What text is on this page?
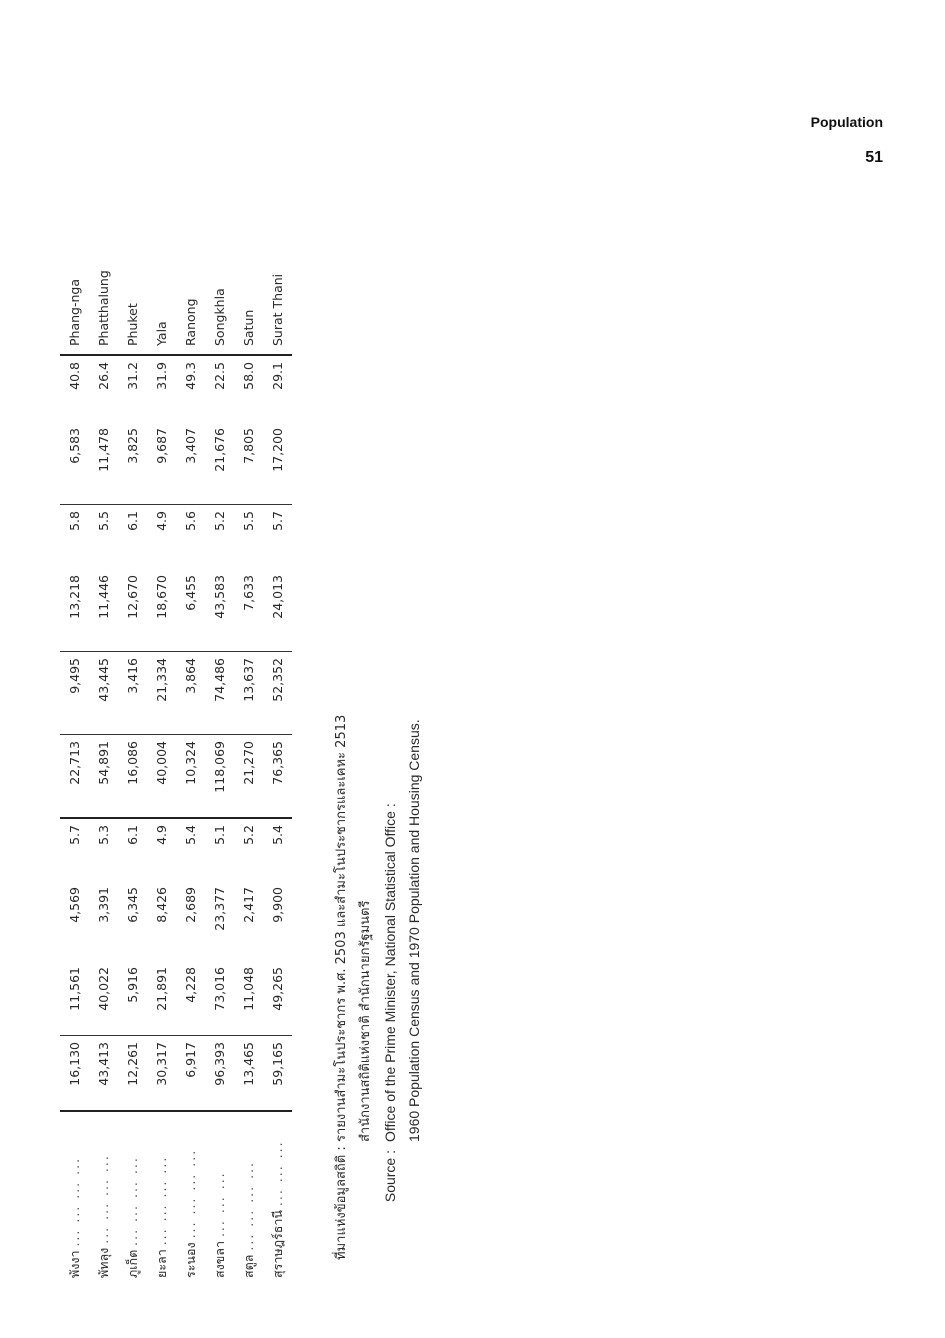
Population
51
พังงา ... ... ... ...	16,130	11,561	4,569	5.7	22,713	9,495	13,218	5.8	6,583	40.8	Phang-nga
พัทลุง ... ... ... ...	43,413	40,022	3,391	5.3	54,891	43,445	11,446	5.5	11,478	26.4	Phatthalung
ภูเก็ต ... ... ... ...	12,261	5,916	6,345	6.1	16,086	3,416	12,670	6.1	3,825	31.2	Phuket
ยะลา ... ... ... ...	30,317	21,891	8,426	4.9	40,004	21,334	18,670	4.9	9,687	31.9	Yala
ระนอง ... ... ... ...	6,917	4,228	2,689	5.4	10,324	3,864	6,455	5.6	3,407	49.3	Ranong
สงขลา ... ... ...	96,393	73,016	23,377	5.1	118,069	74,486	43,583	5.2	21,676	22.5	Songkhla
สตูล ... ... ... ...	13,465	11,048	2,417	5.2	21,270	13,637	7,633	5.5	7,805	58.0	Satun
สุราษฎร์ธานี ... ... ...	59,165	49,265	9,900	5.4	76,365	52,352	24,013	5.7	17,200	29.1	Surat Thani
ที่มาแห่งข้อมูลสถิติ :รายงานสำมะโนประชากร พ.ศ. 2503 และสำมะโนประชากรและเคหะ 2513 สำนักงานสถิติแห่งชาติ สำนักนายกรัฐมนตรี
Source :Office of the Prime Minister, National Statistical Office : 1960 Population Census and 1970 Population and Housing Census.
